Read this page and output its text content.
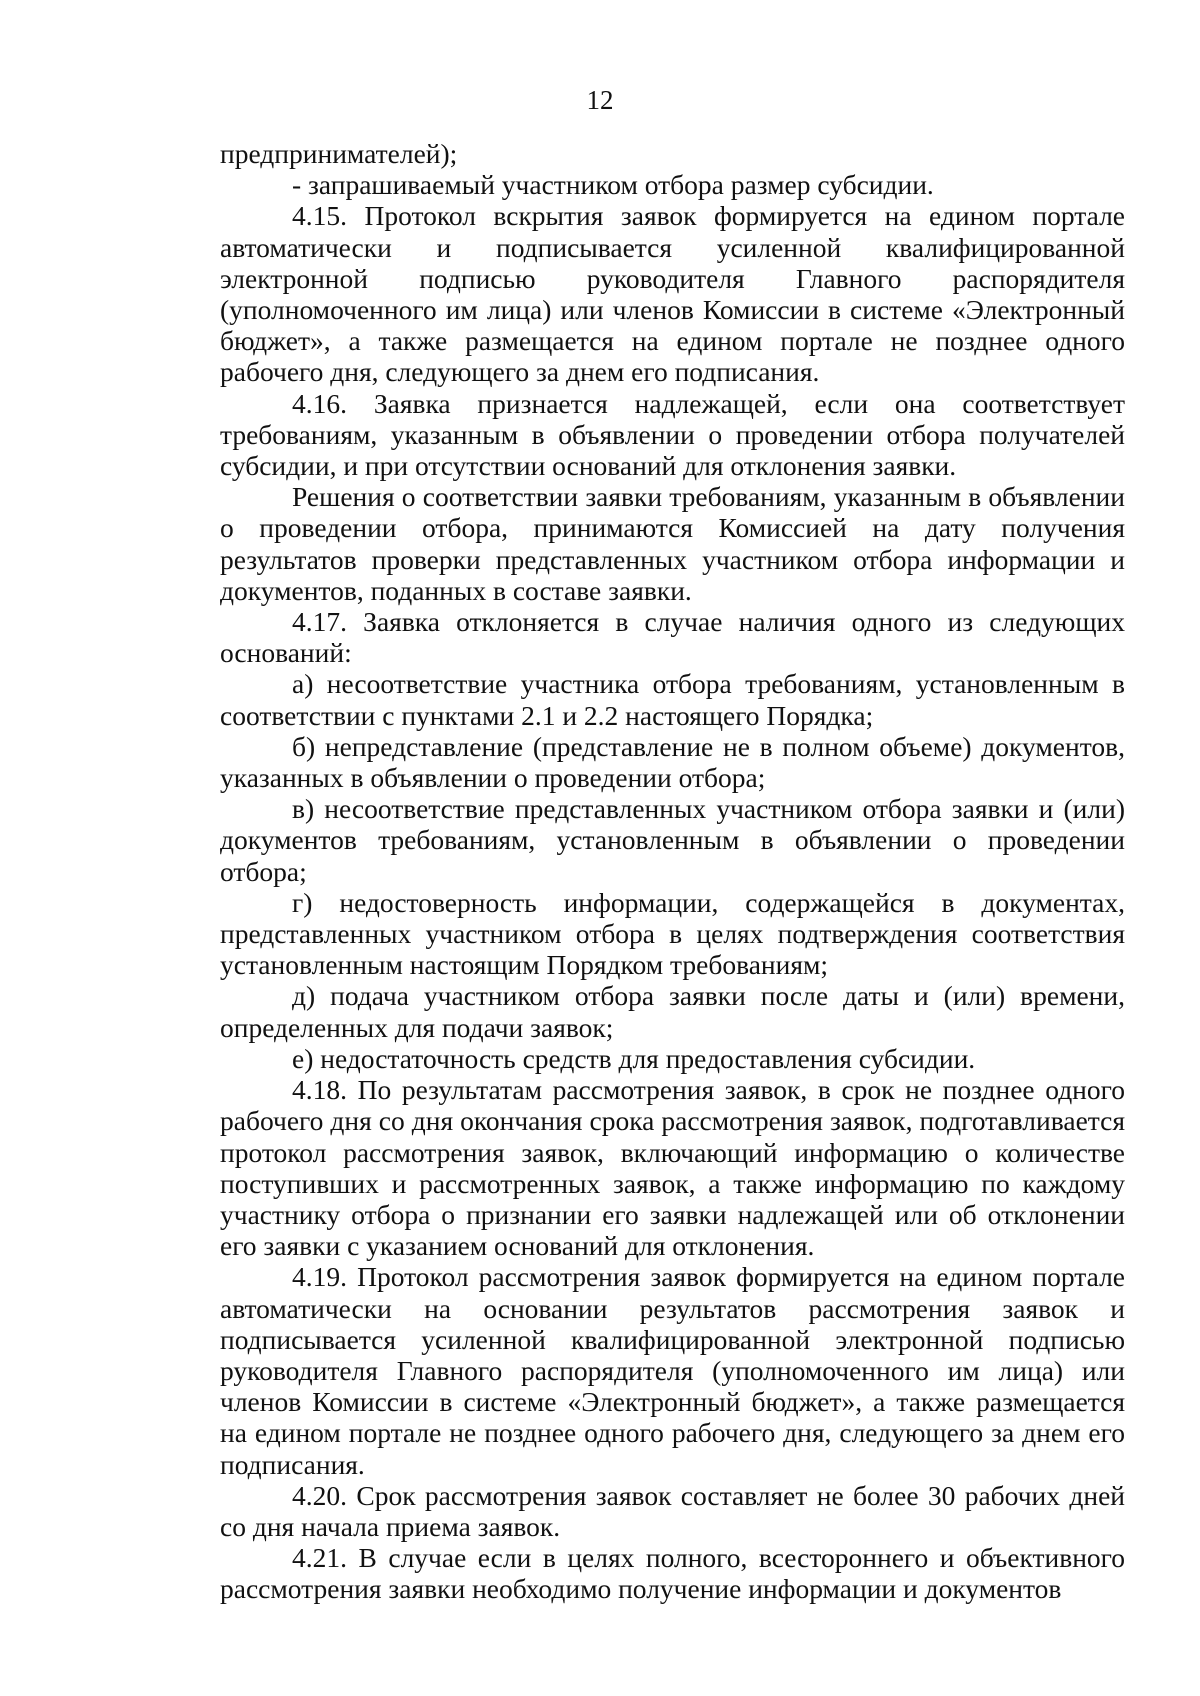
12

предпринимателей);

- запрашиваемый участником отбора размер субсидии.

4.15. Протокол вскрытия заявок формируется на едином портале автоматически и подписывается усиленной квалифицированной электронной подписью руководителя Главного распорядителя (уполномоченного им лица) или членов Комиссии в системе «Электронный бюджет», а также размещается на едином портале не позднее одного рабочего дня, следующего за днем его подписания.

4.16. Заявка признается надлежащей, если она соответствует требованиям, указанным в объявлении о проведении отбора получателей субсидии, и при отсутствии оснований для отклонения заявки.

Решения о соответствии заявки требованиям, указанным в объявлении о проведении отбора, принимаются Комиссией на дату получения результатов проверки представленных участником отбора информации и документов, поданных в составе заявки.

4.17. Заявка отклоняется в случае наличия одного из следующих оснований:

а) несоответствие участника отбора требованиям, установленным в соответствии с пунктами 2.1 и 2.2 настоящего Порядка;

б) непредставление (представление не в полном объеме) документов, указанных в объявлении о проведении отбора;

в) несоответствие представленных участником отбора заявки и (или) документов требованиям, установленным в объявлении о проведении отбора;

г) недостоверность информации, содержащейся в документах, представленных участником отбора в целях подтверждения соответствия установленным настоящим Порядком требованиям;

д) подача участником отбора заявки после даты и (или) времени, определенных для подачи заявок;

е) недостаточность средств для предоставления субсидии.

4.18. По результатам рассмотрения заявок, в срок не позднее одного рабочего дня со дня окончания срока рассмотрения заявок, подготавливается протокол рассмотрения заявок, включающий информацию о количестве поступивших и рассмотренных заявок, а также информацию по каждому участнику отбора о признании его заявки надлежащей или об отклонении его заявки с указанием оснований для отклонения.

4.19. Протокол рассмотрения заявок формируется на едином портале автоматически на основании результатов рассмотрения заявок и подписывается усиленной квалифицированной электронной подписью руководителя Главного распорядителя (уполномоченного им лица) или членов Комиссии в системе «Электронный бюджет», а также размещается на едином портале не позднее одного рабочего дня, следующего за днем его подписания.

4.20. Срок рассмотрения заявок составляет не более 30 рабочих дней со дня начала приема заявок.

4.21. В случае если в целях полного, всестороннего и объективного рассмотрения заявки необходимо получение информации и документов
